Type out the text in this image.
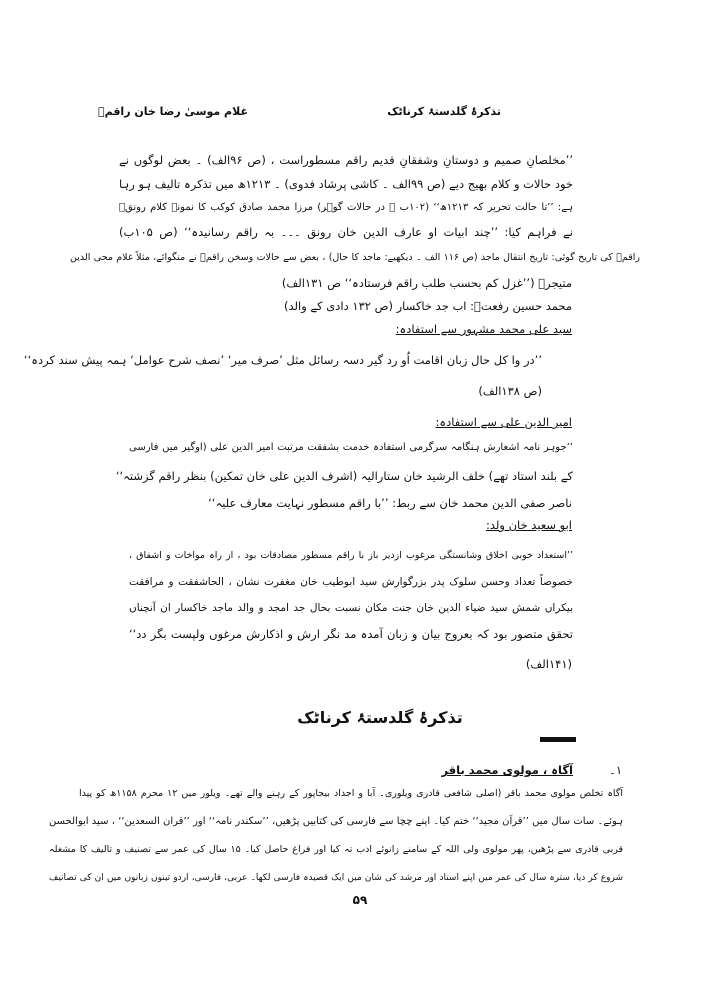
غلام موسیٰ رضا خان راقمؔ	تذکرۂ گلدستۂ کرناٹک
’’مخلصانِ صمیم و دوستانِ وشفقانِ قدیم راقم مسطوراست ، (ص ۹۶الف) ۔ بعض لوگوں نے
خود حالات و کلام بھیج دیے (ص ۹۹الف ۔ کاشی پرشاد فدوی) ۔ ۱۲۱۳ھ میں تذکرہ تالیف ہو رہا
ہے: ’’تا حالت تحریر کہ ۱۲۱۳ھ‘‘ (۱۰۲ب ۔ در حالات گوہر) مرزا محمد صادق کوکب کا نمونۂ کلام رونقؔ
نے فراہم کیا: ’’چند ابیات او عارف الدین خان رونق ۔۔۔ بہ راقم رسانیدہ‘‘ (ص ۱۰۵ب)
راقمؔ کی تاریخ گوئی: تاریخ انتقال ماجد (ص ۱۱۶ الف ۔ دیکھیے: ماجد کا حال) ، بعض سے حالات وسخن راقمؔ نے منگوائے، مثلاً غلام محی الدین
متیجرؔ (’’غزل کم بحسب طلب راقم فرستادہ‘‘ ص ۱۳۱الف)
محمد حسین رفعتؔ: اب جد خاکسار (ص ۱۳۲ دادی کے والد)
سید علی محمد مشہور سے استفادہ:
’’در وا کل حال زبان اقامت اُو رد گیر دسہ رسائل مثل ’صرف میر‘ ’نصف شرح عوامل‘ ہمہ پیش سند کردہ‘‘
(ص ۱۳۸الف)
امیر الدین علی سے استفادہ:
’’جوہر نامہ اشعارش ہنگامہ سرگرمی استفادہ خدمت بشفقت مرتبت امیر الدین علی (اوگیر میں فارسی
کے بلند استاد تھے) خلف الرشید خان ستارالیہ (اشرف الدین علی خان تمکین) بنظر راقم گزشتہ‘‘
ناصر صفی الدین محمد خان سے ربط: ’’با راقم مسطور نہایت معارف علیہ‘‘
ابو سعید خان ولد:
’’استعداد خوبی اخلاق وشانستگی مرغوب ازدیر باز با راقم مسطور مصادقات بود ، از راہ مواخات و اشفاق ،
خصوصاً تعداد وحسن سلوک پدر بزرگوارش سید ابوطیب خان مغفرت نشان ، الحاشفقت و مرافقت
بیکراں شمش سید ضیاء الدین خان جنت مکان نسبت بحال جد امجد و والد ماجد خاکسار ان آنچناں
تحقق متصور بود کہ بعروج بیان و زبان آمدہ مد نگر ارش و اذکارش مرغوں ولپست بگر دد‘‘
(۱۴۱الف)
تذکرۂ گلدستۂ کرناٹک
۱۔
آگاہ ، مولوی محمد باقر
آگاہ تخلص مولوی محمد باقر (اصلی شافعی قادری ویلوری۔ آبا و اجداد بیجاپور کے رہنے والے تھے۔ ویلور میں ۱۲ محرم ۱۱۵۸ھ کو پیدا
ہوئے۔ سات سال میں ’’قرآن مجید‘‘ ختم کیا۔ اپنے چچا سے فارسی کی کتابیں پڑھیں، ’’سکندر نامہ‘‘ اور ’’قران السعدین‘‘ ، سید ابوالحسن
قربی قادری سے پڑھیں، پھر مولوی ولی اللہ کے سامنے زانوئے ادب تہ کیا اور فراغ حاصل کیا۔ ۱۵ سال کی عمر سے تصنیف و تالیف کا مشغلہ
شروع کر دیا، سترہ سال کی عمر میں اپنے استاد اور مرشد کی شان میں ایک قصیدہ فارسی لکھا۔ عربی، فارسی، اردو تینوں زبانوں میں ان کی تصانیف
۵۹
